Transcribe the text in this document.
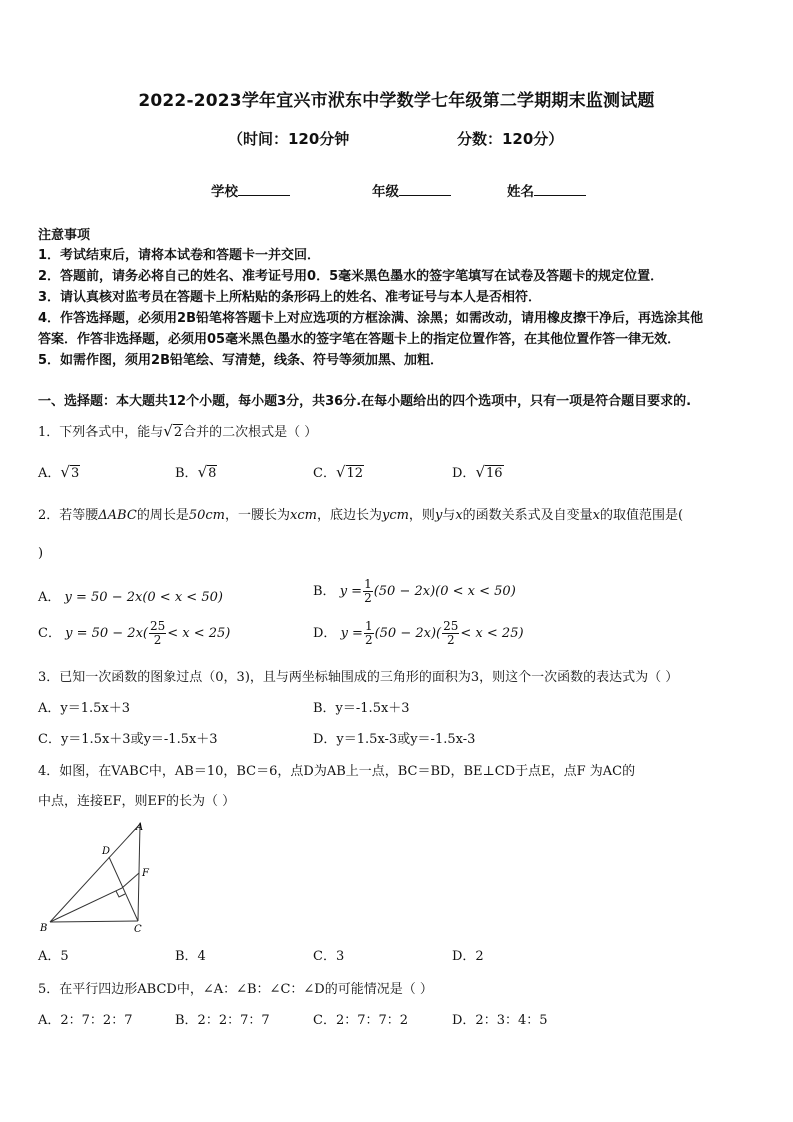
2022-2023学年宜兴市洑东中学数学七年级第二学期期末监测试题
（时间：120分钟	分数：120分）
学校	年级	姓名
注意事项
1．考试结束后，请将本试卷和答题卡一并交回．
2．答题前，请务必将自己的姓名、准考证号用0．5毫米黑色墨水的签字笔填写在试卷及答题卡的规定位置．
3．请认真核对监考员在答题卡上所粘贴的条形码上的姓名、准考证号与本人是否相符．
4．作答选择题，必须用2B铅笔将答题卡上对应选项的方框涂满、涂黑；如需改动，请用橡皮擦干净后，再选涂其他
答案．作答非选择题，必须用05毫米黑色墨水的签字笔在答题卡上的指定位置作答，在其他位置作答一律无效．
5．如需作图，须用2B铅笔绘、写清楚，线条、符号等须加黑、加粗．
一、选择题：本大题共12个小题，每小题3分，共36分.在每小题给出的四个选项中，只有一项是符合题目要求的.
1．下列各式中，能与√2合并的二次根式是（ ）
A．√3	B．√8	C．√12	D．√16
2．若等腰ΔABC的周长是50cm，一腰长为xcm，底边长为ycm，则y与x的函数关系式及自变量x的取值范围是(
)
A． y = 50 − 2x(0 < x < 50)	B． $y = \frac{1}{2} (50 - 2x)(0 < x < 50)$
C． $y = 50 - 2x( \frac{25}{2} < x < 25)$	D． $y = \frac{1}{2} (50 - 2x)( \frac{25}{2} < x < 25)$
3．已知一次函数的图象过点（0，3)，且与两坐标轴围成的三角形的面积为3，则这个一次函数的表达式为（ ）
A．y＝1.5x＋3	B．y＝-1.5x＋3
C．y＝1.5x＋3或y＝-1.5x＋3	D．y＝1.5x-3或y＝-1.5x-3
4．如图，在VABC中，AB＝10，BC＝6，点D为AB上一点，BC＝BD，BE⊥CD于点E，点F 为AC的
中点，连接EF，则EF的长为（ ）
A
D
F
B	C
A．5	B．4	C．3	D．2
5．在平行四边形ABCD中，∠A：∠B：∠C：∠D的可能情况是（ ）
A．2：7：2：7	B．2：2：7：7	C．2：7：7：2	D．2：3：4：5
